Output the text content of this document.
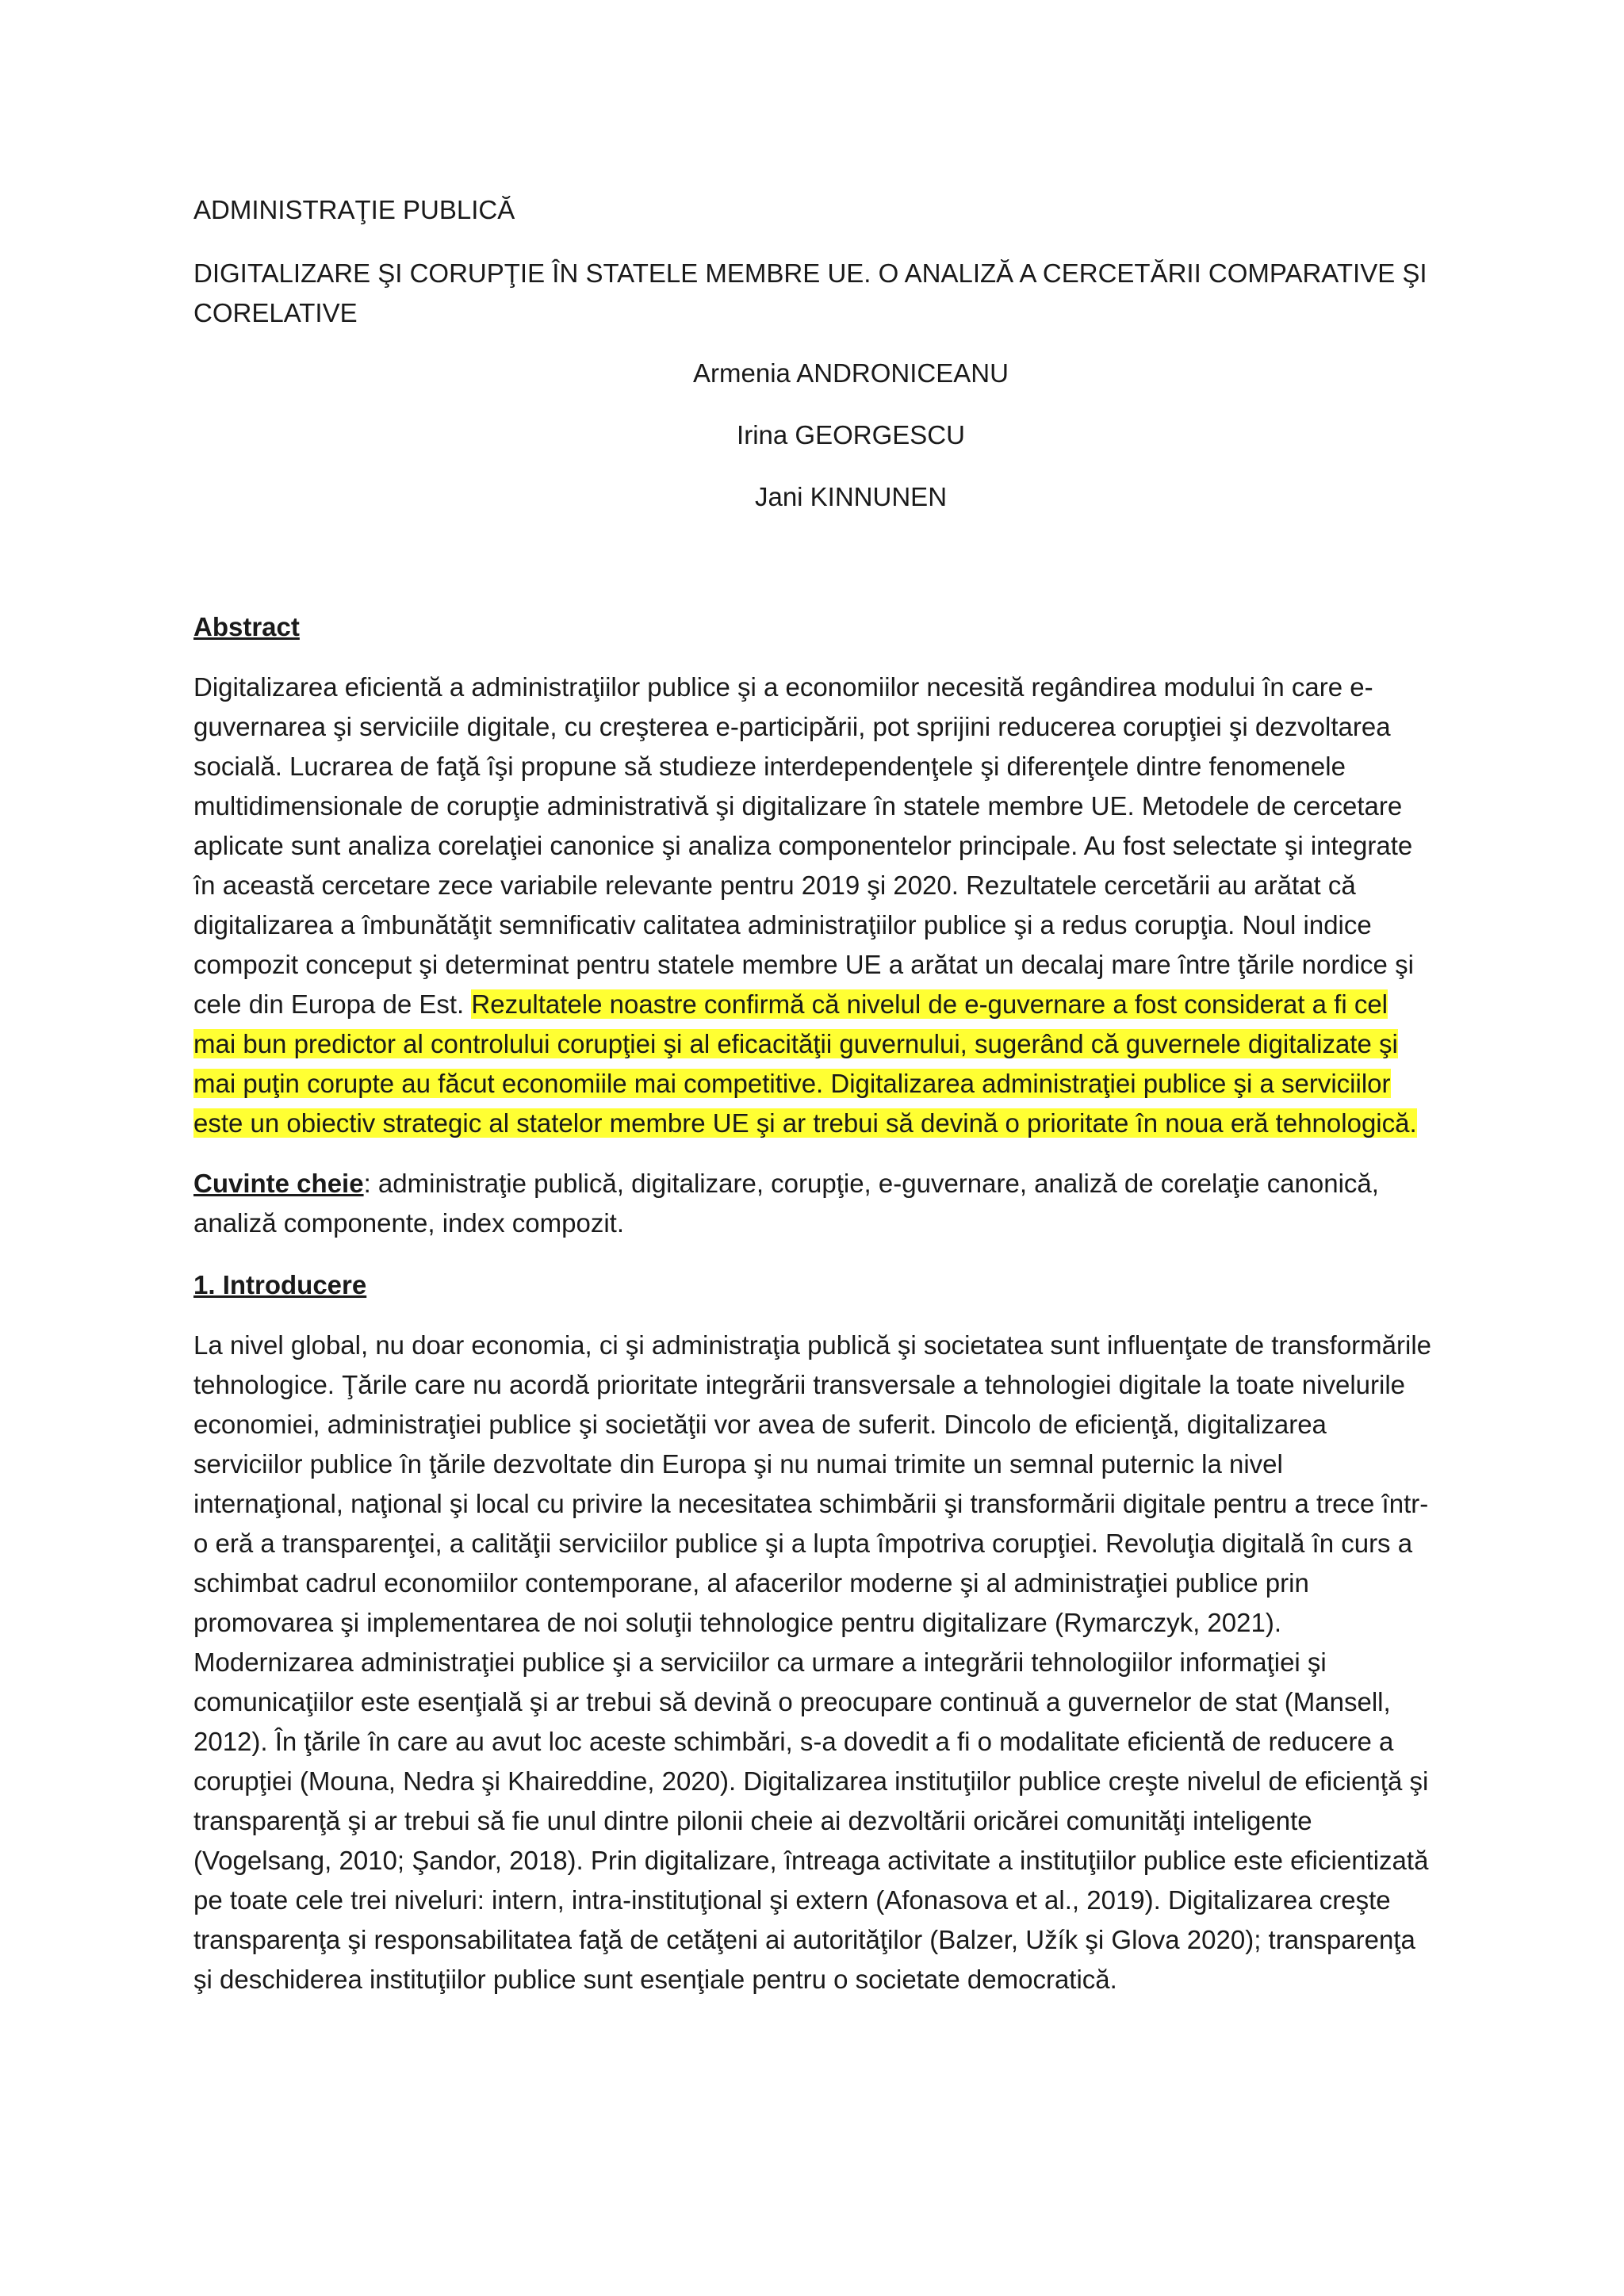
ADMINISTRAŢIE PUBLICĂ

DIGITALIZARE ŞI CORUPŢIE ÎN STATELE MEMBRE UE. O ANALIZĂ A CERCETĂRII COMPARATIVE ŞI CORELATIVE

Armenia ANDRONICEANU

Irina GEORGESCU

Jani KINNUNEN

Abstract

Digitalizarea eficientă a administraţiilor publice şi a economiilor necesită regândirea modului în care e-guvernarea şi serviciile digitale, cu creşterea e-participării, pot sprijini reducerea corupţiei şi dezvoltarea socială. Lucrarea de faţă îşi propune să studieze interdependenţele şi diferenţele dintre fenomenele multidimensionale de corupţie administrativă şi digitalizare în statele membre UE. Metodele de cercetare aplicate sunt analiza corelaţiei canonice şi analiza componentelor principale. Au fost selectate şi integrate în această cercetare zece variabile relevante pentru 2019 şi 2020. Rezultatele cercetării au arătat că digitalizarea a îmbunătăţit semnificativ calitatea administraţiilor publice şi a redus corupţia. Noul indice compozit conceput şi determinat pentru statele membre UE a arătat un decalaj mare între ţările nordice şi cele din Europa de Est. Rezultatele noastre confirmă că nivelul de e-guvernare a fost considerat a fi cel mai bun predictor al controlului corupţiei şi al eficacităţii guvernului, sugerând că guvernele digitalizate şi mai puţin corupte au făcut economiile mai competitive. Digitalizarea administraţiei publice şi a serviciilor este un obiectiv strategic al statelor membre UE şi ar trebui să devină o prioritate în noua eră tehnologică.

Cuvinte cheie: administraţie publică, digitalizare, corupţie, e-guvernare, analiză de corelaţie canonică, analiză componente, index compozit.

1. Introducere

La nivel global, nu doar economia, ci şi administraţia publică şi societatea sunt influenţate de transformările tehnologice. Ţările care nu acordă prioritate integrării transversale a tehnologiei digitale la toate nivelurile economiei, administraţiei publice şi societăţii vor avea de suferit. Dincolo de eficienţă, digitalizarea serviciilor publice în ţările dezvoltate din Europa şi nu numai trimite un semnal puternic la nivel internaţional, naţional şi local cu privire la necesitatea schimbării şi transformării digitale pentru a trece într-o eră a transparenţei, a calităţii serviciilor publice şi a lupta împotriva corupţiei. Revoluţia digitală în curs a schimbat cadrul economiilor contemporane, al afacerilor moderne şi al administraţiei publice prin promovarea şi implementarea de noi soluţii tehnologice pentru digitalizare (Rymarczyk, 2021). Modernizarea administraţiei publice şi a serviciilor ca urmare a integrării tehnologiilor informaţiei şi comunicaţiilor este esenţială şi ar trebui să devină o preocupare continuă a guvernelor de stat (Mansell, 2012). În ţările în care au avut loc aceste schimbări, s-a dovedit a fi o modalitate eficientă de reducere a corupţiei (Mouna, Nedra şi Khaireddine, 2020). Digitalizarea instituţiilor publice creşte nivelul de eficienţă şi transparenţă şi ar trebui să fie unul dintre pilonii cheie ai dezvoltării oricărei comunităţi inteligente (Vogelsang, 2010; Şandor, 2018). Prin digitalizare, întreaga activitate a instituţiilor publice este eficientizată pe toate cele trei niveluri: intern, intra-instituţional şi extern (Afonasova et al., 2019). Digitalizarea creşte transparenţa şi responsabilitatea faţă de cetăţeni ai autorităţilor (Balzer, Užík şi Glova 2020); transparenţa şi deschiderea instituţiilor publice sunt esenţiale pentru o societate democratică.
